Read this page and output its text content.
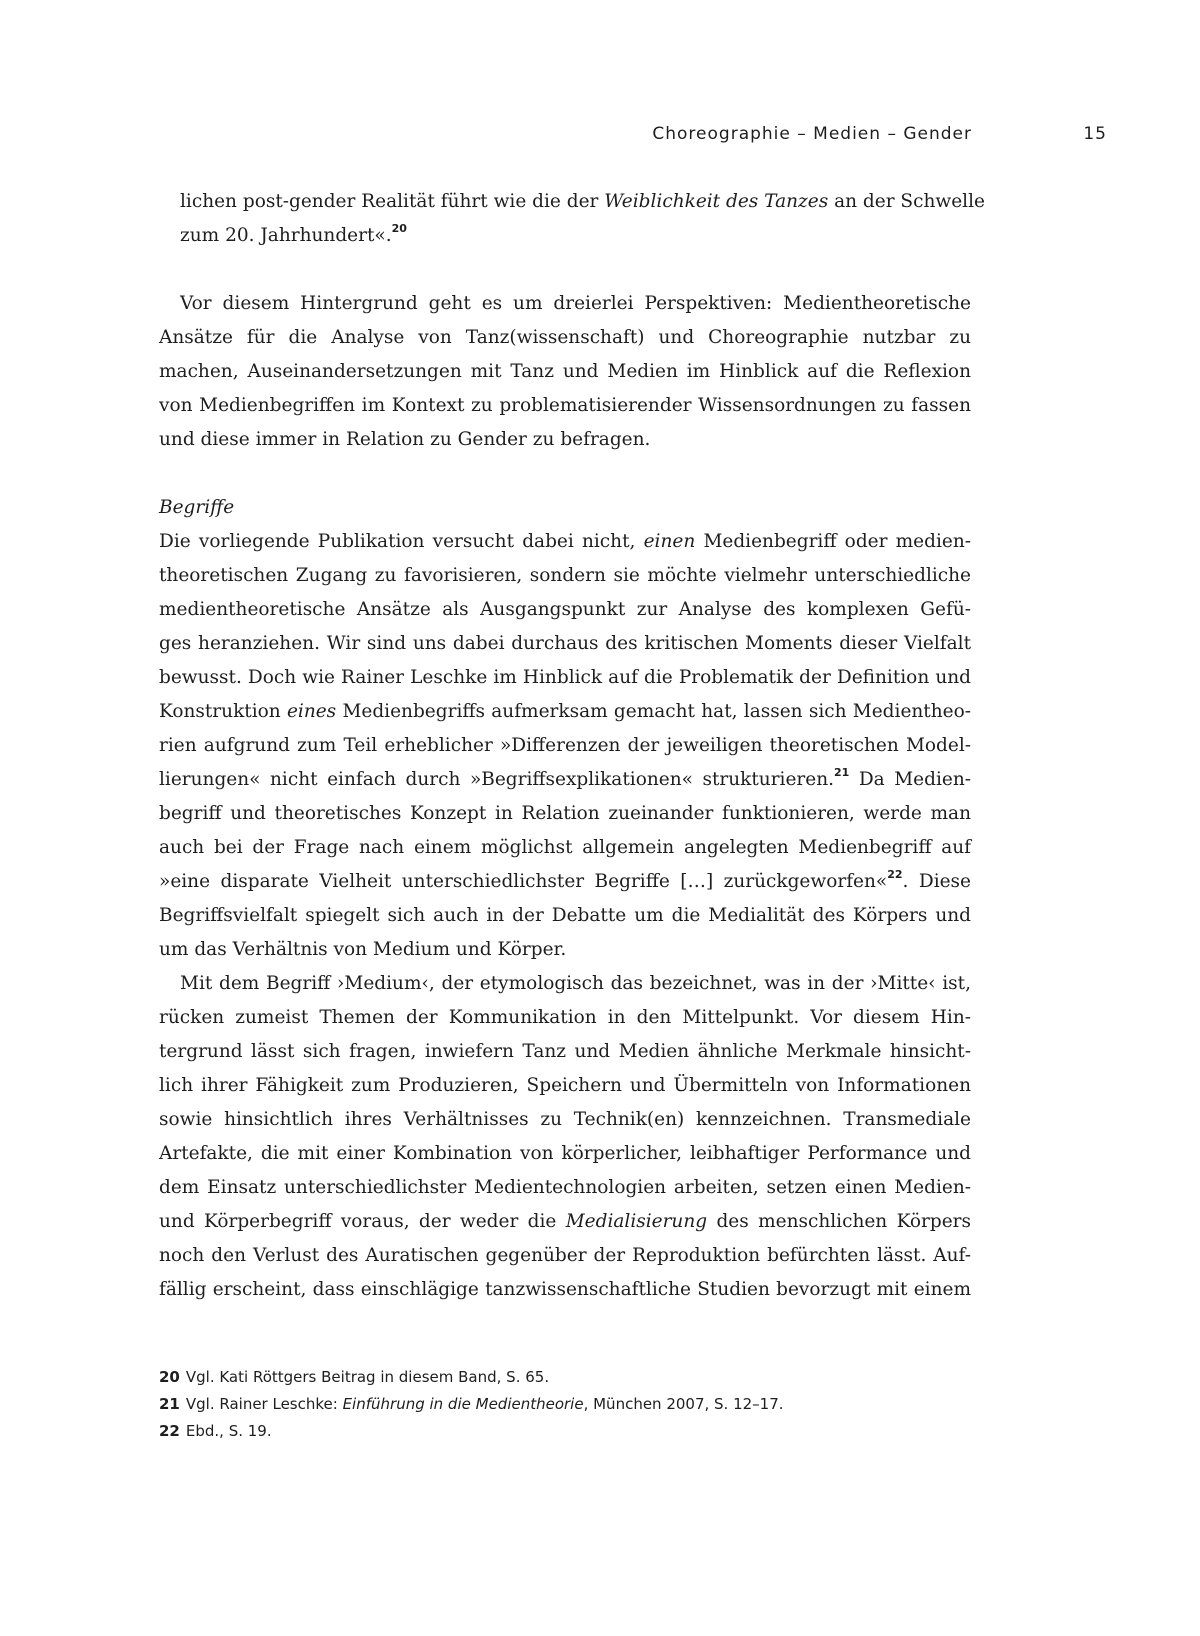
Choreographie – Medien – Gender	15
lichen post-gender Realität führt wie die der Weiblichkeit des Tanzes an der Schwelle
zum 20. Jahrhundert«.$^{20}$
Vor diesem Hintergrund geht es um dreierlei Perspektiven: Medientheoretische
Ansätze für die Analyse von Tanz(wissenschaft) und Choreographie nutzbar zu
machen, Auseinandersetzungen mit Tanz und Medien im Hinblick auf die Reflexion
von Medienbegriffen im Kontext zu problematisierender Wissensordnungen zu fassen
und diese immer in Relation zu Gender zu befragen.
Begriffe
Die vorliegende Publikation versucht dabei nicht, einen Medienbegriff oder medien-
theoretischen Zugang zu favorisieren, sondern sie möchte vielmehr unterschiedliche
medientheoretische Ansätze als Ausgangspunkt zur Analyse des komplexen Gefü-
ges heranziehen. Wir sind uns dabei durchaus des kritischen Moments dieser Vielfalt
bewusst. Doch wie Rainer Leschke im Hinblick auf die Problematik der Definition und
Konstruktion eines Medienbegriffs aufmerksam gemacht hat, lassen sich Medientheo-
rien aufgrund zum Teil erheblicher »Differenzen der jeweiligen theoretischen Model-
lierungen« nicht einfach durch »Begriffsexplikationen« strukturieren.$^{21}$ Da Medien-
begriff und theoretisches Konzept in Relation zueinander funktionieren, werde man
auch bei der Frage nach einem möglichst allgemein angelegten Medienbegriff auf
»eine disparate Vielheit unterschiedlichster Begriffe […] zurückgeworfen«$^{22}$. Diese
Begriffsvielfalt spiegelt sich auch in der Debatte um die Medialität des Körpers und
um das Verhältnis von Medium und Körper.
Mit dem Begriff ›Medium‹, der etymologisch das bezeichnet, was in der ›Mitte‹ ist,
rücken zumeist Themen der Kommunikation in den Mittelpunkt. Vor diesem Hin-
tergrund lässt sich fragen, inwiefern Tanz und Medien ähnliche Merkmale hinsicht-
lich ihrer Fähigkeit zum Produzieren, Speichern und Übermitteln von Informationen
sowie hinsichtlich ihres Verhältnisses zu Technik(en) kennzeichnen. Transmediale
Artefakte, die mit einer Kombination von körperlicher, leibhaftiger Performance und
dem Einsatz unterschiedlichster Medientechnologien arbeiten, setzen einen Medien-
und Körperbegriff voraus, der weder die Medialisierung des menschlichen Körpers
noch den Verlust des Auratischen gegenüber der Reproduktion befürchten lässt. Auf-
fällig erscheint, dass einschlägige tanzwissenschaftliche Studien bevorzugt mit einem
20 Vgl. Kati Röttgers Beitrag in diesem Band, S. 65.
21 Vgl. Rainer Leschke: Einführung in die Medientheorie, München 2007, S. 12–17.
22 Ebd., S. 19.
